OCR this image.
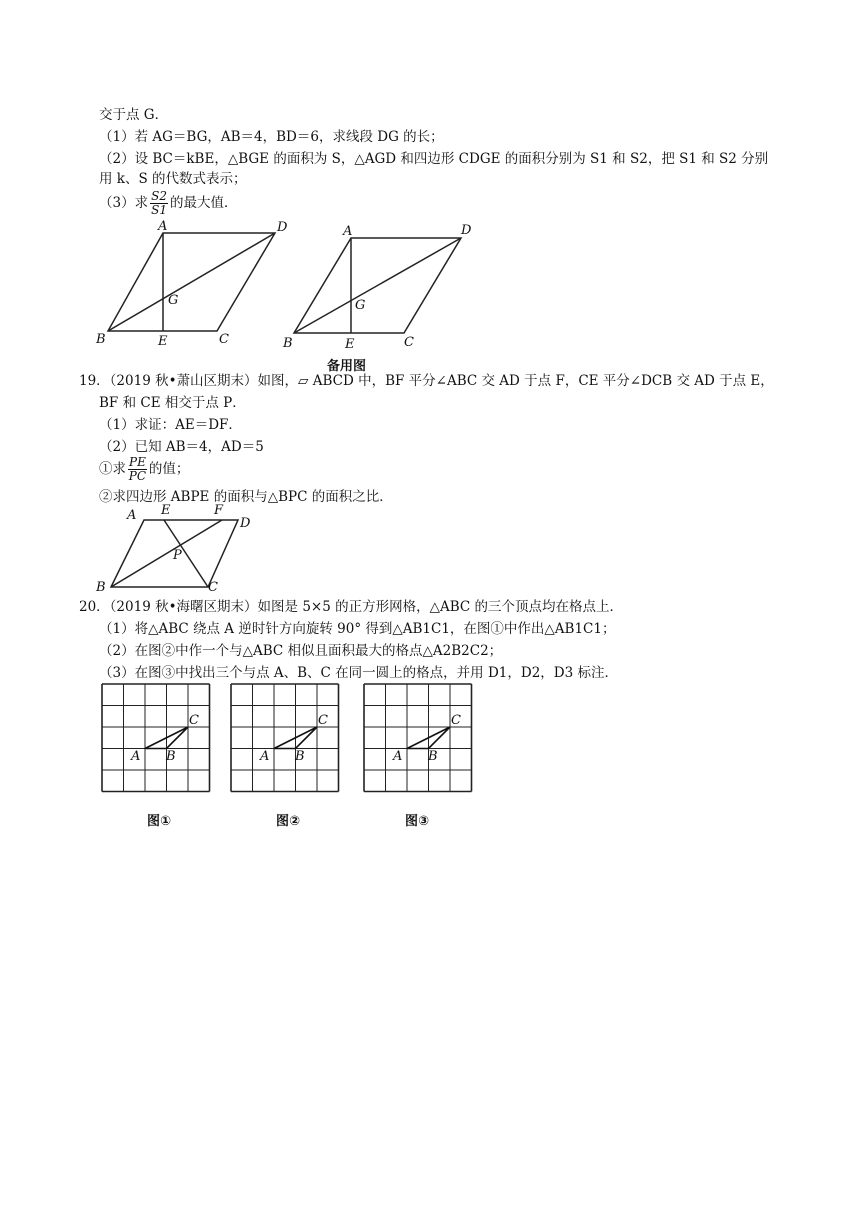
交于点 G．
（1）若 AG＝BG，AB＝4，BD＝6，求线段 DG 的长；
（2）设 BC＝kBE，△BGE 的面积为 S，△AGD 和四边形 CDGE 的面积分别为 S1 和 S2，把 S1 和 S2 分别
用 k、S 的代数式表示；
（3）求 $\frac{S2}{S1}$ 的最大值．
A	D
G
B	E	C
A	D
G
B	E	C
A E	F
D
P
B	C
A B
C
A B
C
A B
C
备用图
19．（2019 秋•萧山区期末）如图，▱ ABCD 中，BF 平分∠ABC 交 AD 于点 F，CE 平分∠DCB 交 AD 于点 E，
BF 和 CE 相交于点 P．
（1）求证：AE＝DF．
（2）已知 AB＝4，AD＝5
①求 $\frac{PE}{PC}$ 的值；
②求四边形 ABPE 的面积与△BPC 的面积之比．
20．（2019 秋•海曙区期末）如图是 5×5 的正方形网格，△ABC 的三个顶点均在格点上．
（1）将△ABC 绕点 A 逆时针方向旋转 90° 得到△AB1C1，在图①中作出△AB1C1；
（2）在图②中作一个与△ABC 相似且面积最大的格点△A2B2C2；
（3）在图③中找出三个与点 A、B、C 在同一圆上的格点，并用 D1，D2，D3 标注．
图①	图②	图③
